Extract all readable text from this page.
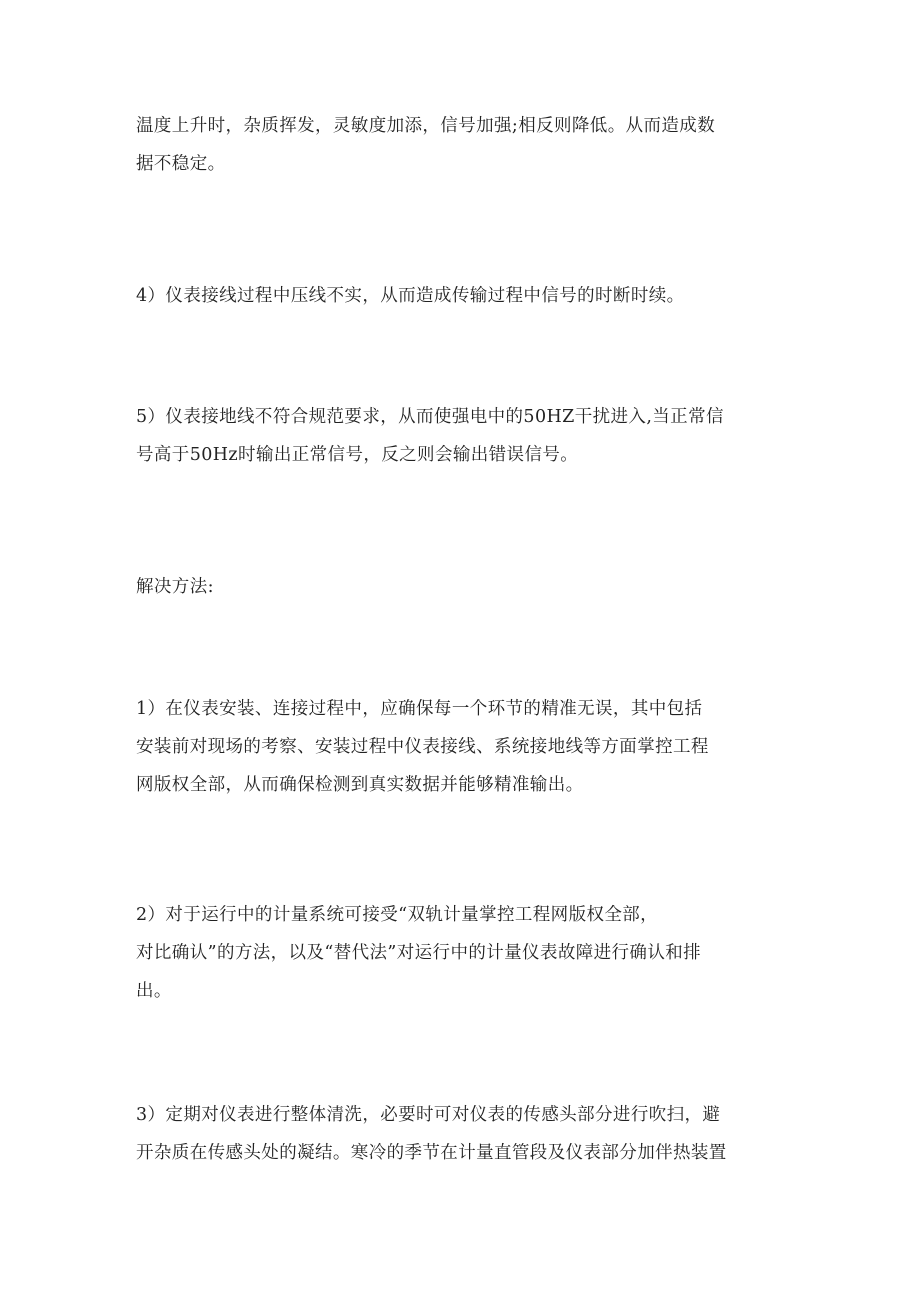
温度上升时，杂质挥发，灵敏度加添，信号加强;相反则降低。从而造成数
据不稳定。

4）仪表接线过程中压线不实，从而造成传输过程中信号的时断时续。

5）仪表接地线不符合规范要求，从而使强电中的50HZ干扰进入,当正常信
号高于50Hz时输出正常信号，反之则会输出错误信号。

解决方法:

1）在仪表安装、连接过程中，应确保每一个环节的精准无误，其中包括
安装前对现场的考察、安装过程中仪表接线、系统接地线等方面掌控工程
网版权全部，从而确保检测到真实数据并能够精准输出。

2）对于运行中的计量系统可接受“双轨计量掌控工程网版权全部，
对比确认”的方法，以及“替代法”对运行中的计量仪表故障进行确认和排
出。

3）定期对仪表进行整体清洗，必要时可对仪表的传感头部分进行吹扫，避
开杂质在传感头处的凝结。寒冷的季节在计量直管段及仪表部分加伴热装置
